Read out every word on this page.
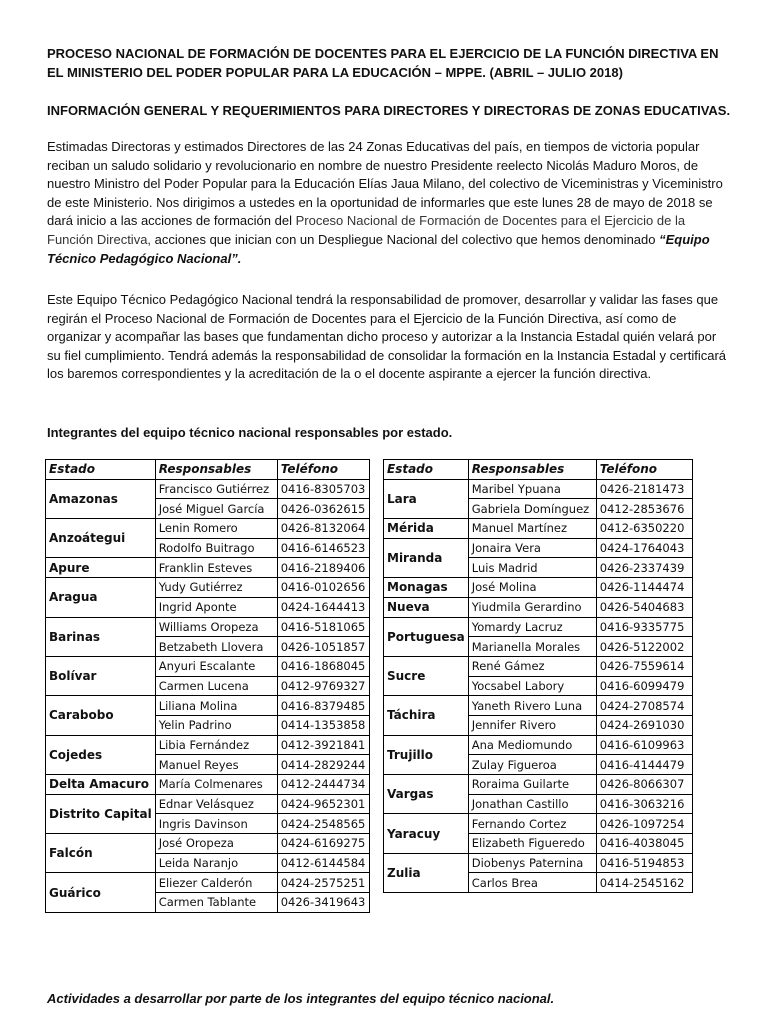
PROCESO NACIONAL DE FORMACIÓN DE DOCENTES PARA EL EJERCICIO DE LA FUNCIÓN DIRECTIVA EN EL MINISTERIO DEL PODER POPULAR PARA LA EDUCACIÓN – MPPE. (ABRIL – JULIO 2018)

INFORMACIÓN GENERAL Y REQUERIMIENTOS PARA DIRECTORES Y DIRECTORAS DE ZONAS EDUCATIVAS.

Estimadas Directoras y estimados Directores de las 24 Zonas Educativas del país, en tiempos de victoria popular reciban un saludo solidario y revolucionario en nombre de nuestro Presidente reelecto Nicolás Maduro Moros, de nuestro Ministro del Poder Popular para la Educación Elías Jaua Milano, del colectivo de Viceministras y Viceministro de este Ministerio. Nos dirigimos a ustedes en la oportunidad de informarles que este lunes 28 de mayo de 2018 se dará inicio a las acciones de formación del Proceso Nacional de Formación de Docentes para el Ejercicio de la Función Directiva, acciones que inician con un Despliegue Nacional del colectivo que hemos denominado “Equipo Técnico Pedagógico Nacional”.

Este Equipo Técnico Pedagógico Nacional tendrá la responsabilidad de promover, desarrollar y validar las fases que regirán el Proceso Nacional de Formación de Docentes para el Ejercicio de la Función Directiva, así como de organizar y acompañar las bases que fundamentan dicho proceso y autorizar a la Instancia Estadal quién velará por su fiel cumplimiento. Tendrá además la responsabilidad de consolidar la formación en la Instancia Estadal y certificará los baremos correspondientes y la acreditación de la o el docente aspirante a ejercer la función directiva.

Integrantes del equipo técnico nacional responsables por estado.

Estado	Responsables	Teléfono
Amazonas	Francisco Gutiérrez	0416-8305703
	José Miguel García	0426-0362615
Anzoátegui	Lenin Romero	0426-8132064
	Rodolfo Buitrago	0416-6146523
Apure	Franklin Esteves	0416-2189406
Aragua	Yudy Gutiérrez	0416-0102656
	Ingrid Aponte	0424-1644413
Barinas	Williams Oropeza	0416-5181065
	Betzabeth Llovera	0426-1051857
Bolívar	Anyuri Escalante	0416-1868045
	Carmen Lucena	0412-9769327
Carabobo	Liliana Molina	0416-8379485
	Yelin Padrino	0414-1353858
Cojedes	Libia Fernández	0412-3921841
	Manuel Reyes	0414-2829244
Delta Amacuro	María Colmenares	0412-2444734
Distrito Capital	Ednar Velásquez	0424-9652301
	Ingris Davinson	0424-2548565
Falcón	José Oropeza	0424-6169275
	Leida Naranjo	0412-6144584
Guárico	Eliezer Calderón	0424-2575251
	Carmen Tablante	0426-3419643
Estado	Responsables	Teléfono
Lara	Maribel Ypuana	0426-2181473
	Gabriela Domínguez	0412-2853676
Mérida	Manuel Martínez	0412-6350220
Miranda	Jonaira Vera	0424-1764043
	Luis Madrid	0426-2337439
Monagas	José Molina	0426-1144474
Nueva	Yiudmila Gerardino	0426-5404683
Portuguesa	Yomardy Lacruz	0416-9335775
	Marianella Morales	0426-5122002
Sucre	René Gámez	0426-7559614
	Yocsabel Labory	0416-6099479
Táchira	Yaneth Rivero Luna	0424-2708574
	Jennifer Rivero	0424-2691030
Trujillo	Ana Mediomundo	0416-6109963
	Zulay Figueroa	0416-4144479
Vargas	Roraima Guilarte	0426-8066307
	Jonathan Castillo	0416-3063216
Yaracuy	Fernando Cortez	0426-1097254
	Elizabeth Figueredo	0416-4038045
Zulia	Diobenys Paternina	0416-5194853
	Carlos Brea	0414-2545162

Actividades a desarrollar por parte de los integrantes del equipo técnico nacional.
